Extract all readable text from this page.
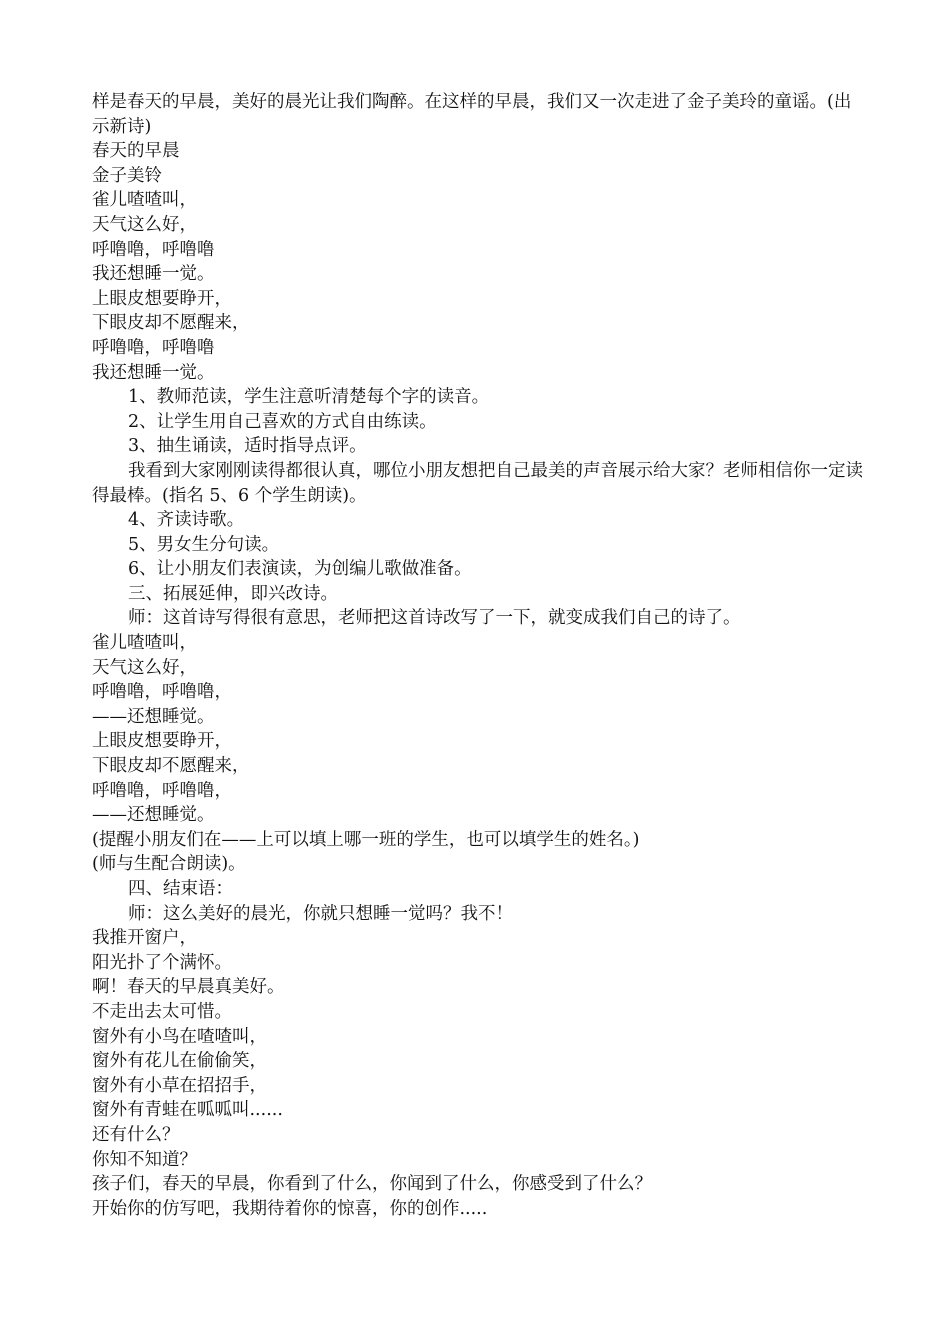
样是春天的早晨，美好的晨光让我们陶醉。在这样的早晨，我们又一次走进了金子美玲的童谣。(出示新诗)

春天的早晨

金子美铃

雀儿喳喳叫，

天气这么好，

呼噜噜，呼噜噜

我还想睡一觉。

上眼皮想要睁开，

下眼皮却不愿醒来，

呼噜噜，呼噜噜

我还想睡一觉。

1、教师范读，学生注意听清楚每个字的读音。

2、让学生用自己喜欢的方式自由练读。

3、抽生诵读，适时指导点评。

我看到大家刚刚读得都很认真，哪位小朋友想把自己最美的声音展示给大家？老师相信你一定读得最棒。(指名 5、6 个学生朗读)。

4、齐读诗歌。

5、男女生分句读。

6、让小朋友们表演读，为创编儿歌做准备。

三、拓展延伸，即兴改诗。

师：这首诗写得很有意思，老师把这首诗改写了一下，就变成我们自己的诗了。

雀儿喳喳叫，

天气这么好，

呼噜噜，呼噜噜，

——还想睡觉。

上眼皮想要睁开，

下眼皮却不愿醒来，

呼噜噜，呼噜噜，

——还想睡觉。

(提醒小朋友们在——上可以填上哪一班的学生，也可以填学生的姓名。)

(师与生配合朗读)。

四、结束语：

师：这么美好的晨光，你就只想睡一觉吗？我不！

我推开窗户，

阳光扑了个满怀。

啊！春天的早晨真美好。

不走出去太可惜。

窗外有小鸟在喳喳叫，

窗外有花儿在偷偷笑，

窗外有小草在招招手，

窗外有青蛙在呱呱叫......

还有什么？

你知不知道？

孩子们，春天的早晨，你看到了什么，你闻到了什么，你感受到了什么？

开始你的仿写吧，我期待着你的惊喜，你的创作.....
